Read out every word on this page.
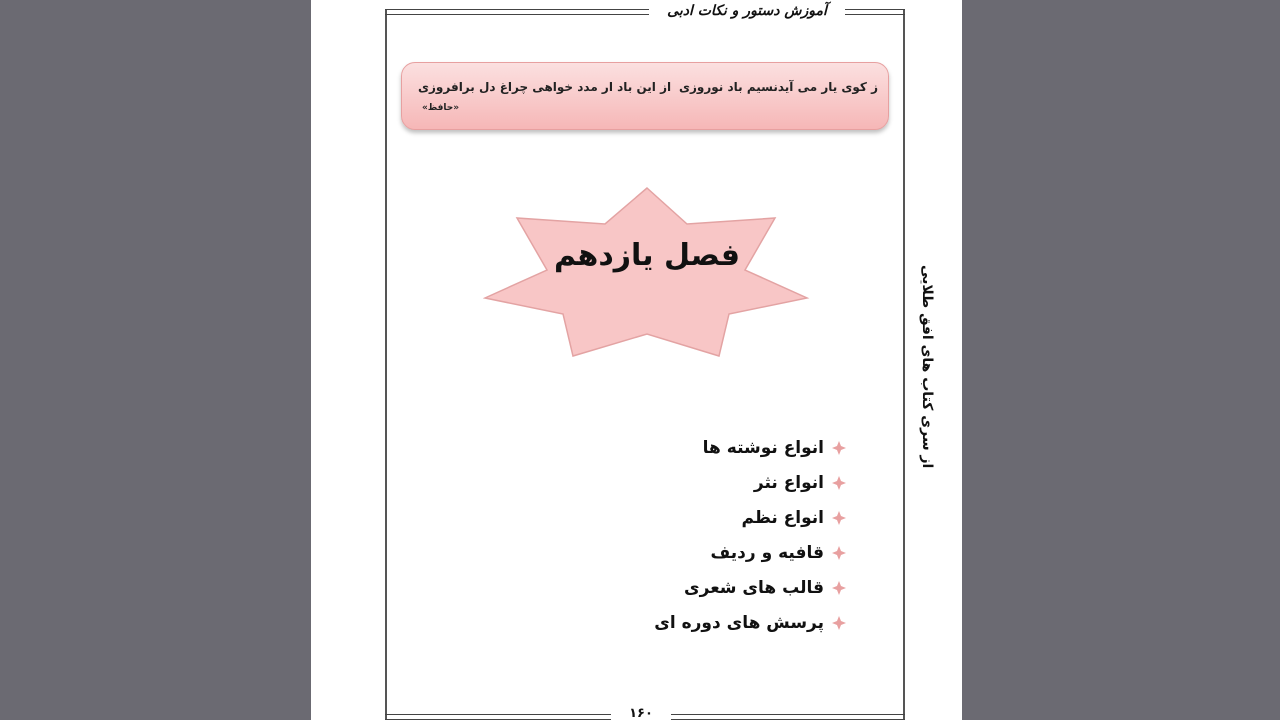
آموزش دستور و نکات ادبی
ز کوی یار می آیدنسیم باد نوروزی
از این باد ار مدد خواهی چراغ دل برافروزی
«حافظ»
فصل یازدهم
انواع نوشته ها
انواع نثر
انواع نظم
قافیه و ردیف
قالب های شعری
پرسش های دوره ای
از سری کتاب های افق طلایی
۱۶۰
